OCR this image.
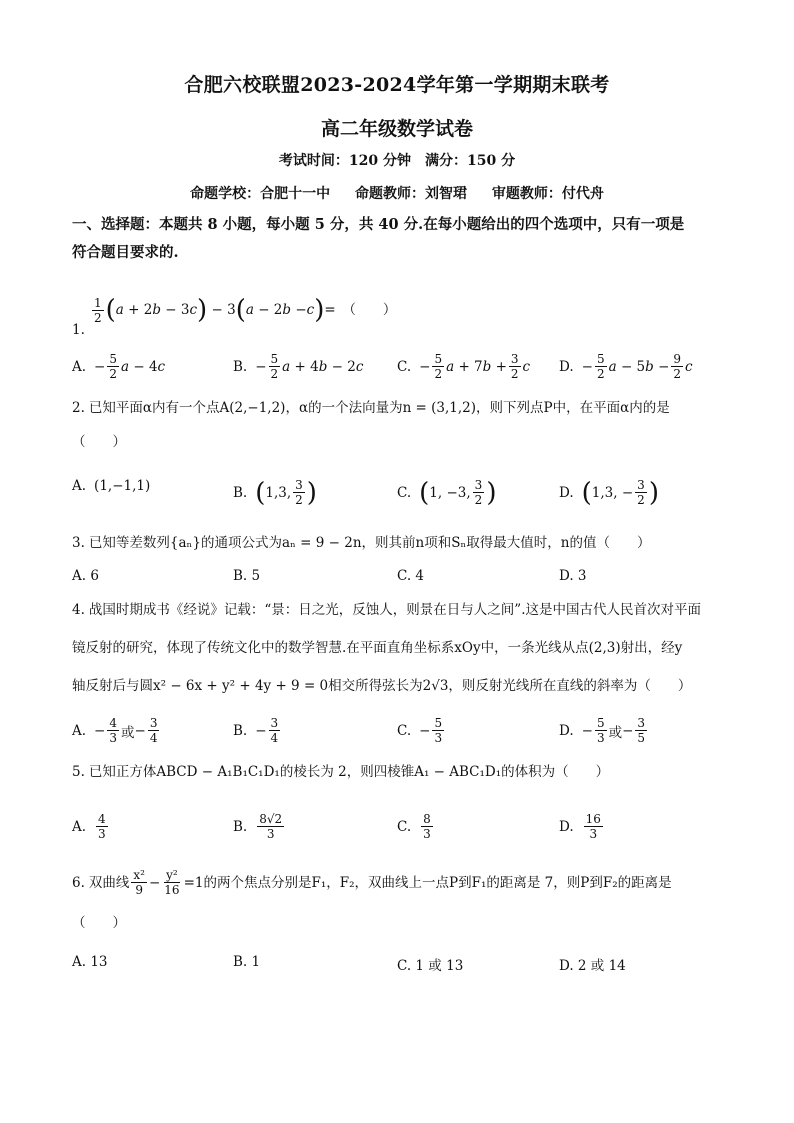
合肥六校联盟2023-2024学年第一学期期末联考
高二年级数学试卷
考试时间：120 分钟　满分：150 分
命题学校：合肥十一中 命题教师：刘智珺 审题教师：付代舟
一、选择题：本题共 8 小题，每小题 5 分，共 40 分.在每小题给出的四个选项中，只有一项是
符合题目要求的.
$\frac{1}{2}$ ( a + 2 b − 3 c ) − 3 ( a − 2 b − c ) =　（　　）
1.
A. − $\frac{5}{2}$ a − 4 c	B. − $\frac{5}{2}$ a + 4 b − 2 c C. − $\frac{5}{2}$ a + 7 $b + \frac{3}{2}$ c D. − $\frac{5}{2}$ a − 5 $b - \frac{9}{2}$ c
2. 已知平面α内有一个点A(2,−1,2)，α的一个法向量为n = (3,1,2)，则下列点P中，在平面α内的是
（　　）
A. (1,−1,1)	B. ( 1,3, $\frac{3}{2}$ )	C. ( 1, −3, $\frac{3}{2}$ )	D. ( 1,3, − $\frac{3}{2}$ )
3. 已知等差数列{aₙ}的通项公式为aₙ = 9 − 2n，则其前n项和Sₙ取得最大值时，n的值（　　）
A. 6	B. 5	C. 4	D. 3
4. 战国时期成书《经说》记载：“景：日之光，反蚀人，则景在日与人之间”.这是中国古代人民首次对平面
镜反射的研究，体现了传统文化中的数学智慧.在平面直角坐标系xOy中，一条光线从点(2,3)射出，经y
轴反射后与圆x² − 6x + y² + 4y + 9 = 0相交所得弦长为2√3，则反射光线所在直线的斜率为（　　）
A. − $\frac{4}{3}$ 或 − $\frac{3}{4}$	B. − $\frac{3}{4}$	C. − $\frac{5}{3}$	D. − $\frac{5}{3}$ 或 − $\frac{3}{5}$
5. 已知正方体ABCD − A₁B₁C₁D₁的棱长为 2，则四棱锥A₁ − ABC₁D₁的体积为（　　）
A. $\frac{4}{3}$	B. $\frac{8√2}{3}$	C. $\frac{8}{3}$	D. $\frac{16}{3}$
6. 双曲线 $\frac{\text{x²}}{9} - \frac{\text{y²}}{16} =1$ 的两个焦点分别是F₁，F₂，双曲线上一点P到F₁的距离是 7，则P到F₂的距离是
（　　）
A. 13	B. 1	C. 1 或 13	D. 2 或 14
